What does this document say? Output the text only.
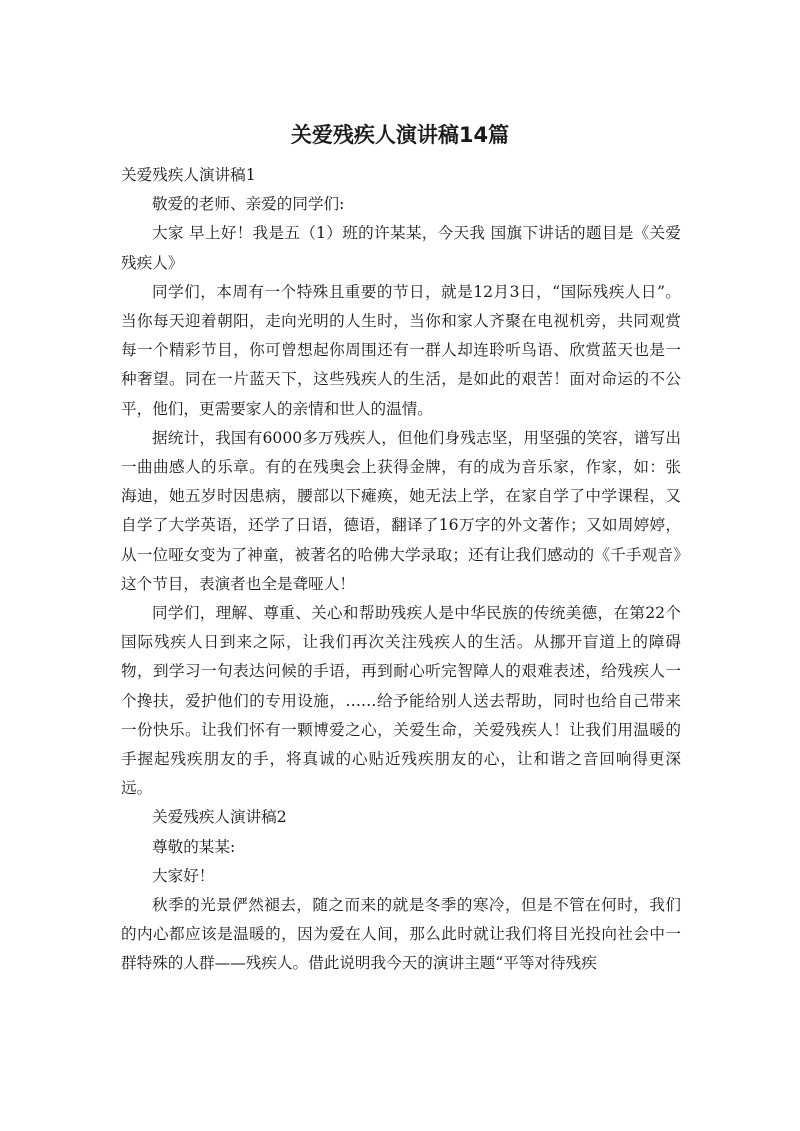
关爱残疾人演讲稿14篇

关爱残疾人演讲稿1

敬爱的老师、亲爱的同学们:

大家 早上好！我是五（1）班的许某某，今天我 国旗下讲话的题目是《关爱残疾人》

同学们，本周有一个特殊且重要的节日，就是12月3日，“国际残疾人日”。当你每天迎着朝阳，走向光明的人生时，当你和家人齐聚在电视机旁，共同观赏每一个精彩节目，你可曾想起你周围还有一群人却连聆听鸟语、欣赏蓝天也是一种奢望。同在一片蓝天下，这些残疾人的生活，是如此的艰苦！面对命运的不公平，他们，更需要家人的亲情和世人的温情。

据统计，我国有6000多万残疾人，但他们身残志坚，用坚强的笑容，谱写出一曲曲感人的乐章。有的在残奥会上获得金牌，有的成为音乐家，作家，如：张海迪，她五岁时因患病，腰部以下瘫痪，她无法上学，在家自学了中学课程，又自学了大学英语，还学了日语，德语，翻译了16万字的外文著作；又如周婷婷，从一位哑女变为了神童，被著名的哈佛大学录取；还有让我们感动的《千手观音》这个节目，表演者也全是聋哑人！

同学们，理解、尊重、关心和帮助残疾人是中华民族的传统美德，在第22个国际残疾人日到来之际，让我们再次关注残疾人的生活。从挪开盲道上的障碍物，到学习一句表达问候的手语，再到耐心听完智障人的艰难表述，给残疾人一个搀扶，爱护他们的专用设施，……给予能给别人送去帮助，同时也给自己带来一份快乐。让我们怀有一颗博爱之心，关爱生命，关爱残疾人！让我们用温暖的手握起残疾朋友的手，将真诚的心贴近残疾朋友的心，让和谐之音回响得更深远。

关爱残疾人演讲稿2

尊敬的某某:

大家好！

秋季的光景俨然褪去，随之而来的就是冬季的寒冷，但是不管在何时，我们的内心都应该是温暖的，因为爱在人间，那么此时就让我们将目光投向社会中一群特殊的人群——残疾人。借此说明我今天的演讲主题“平等对待残疾
